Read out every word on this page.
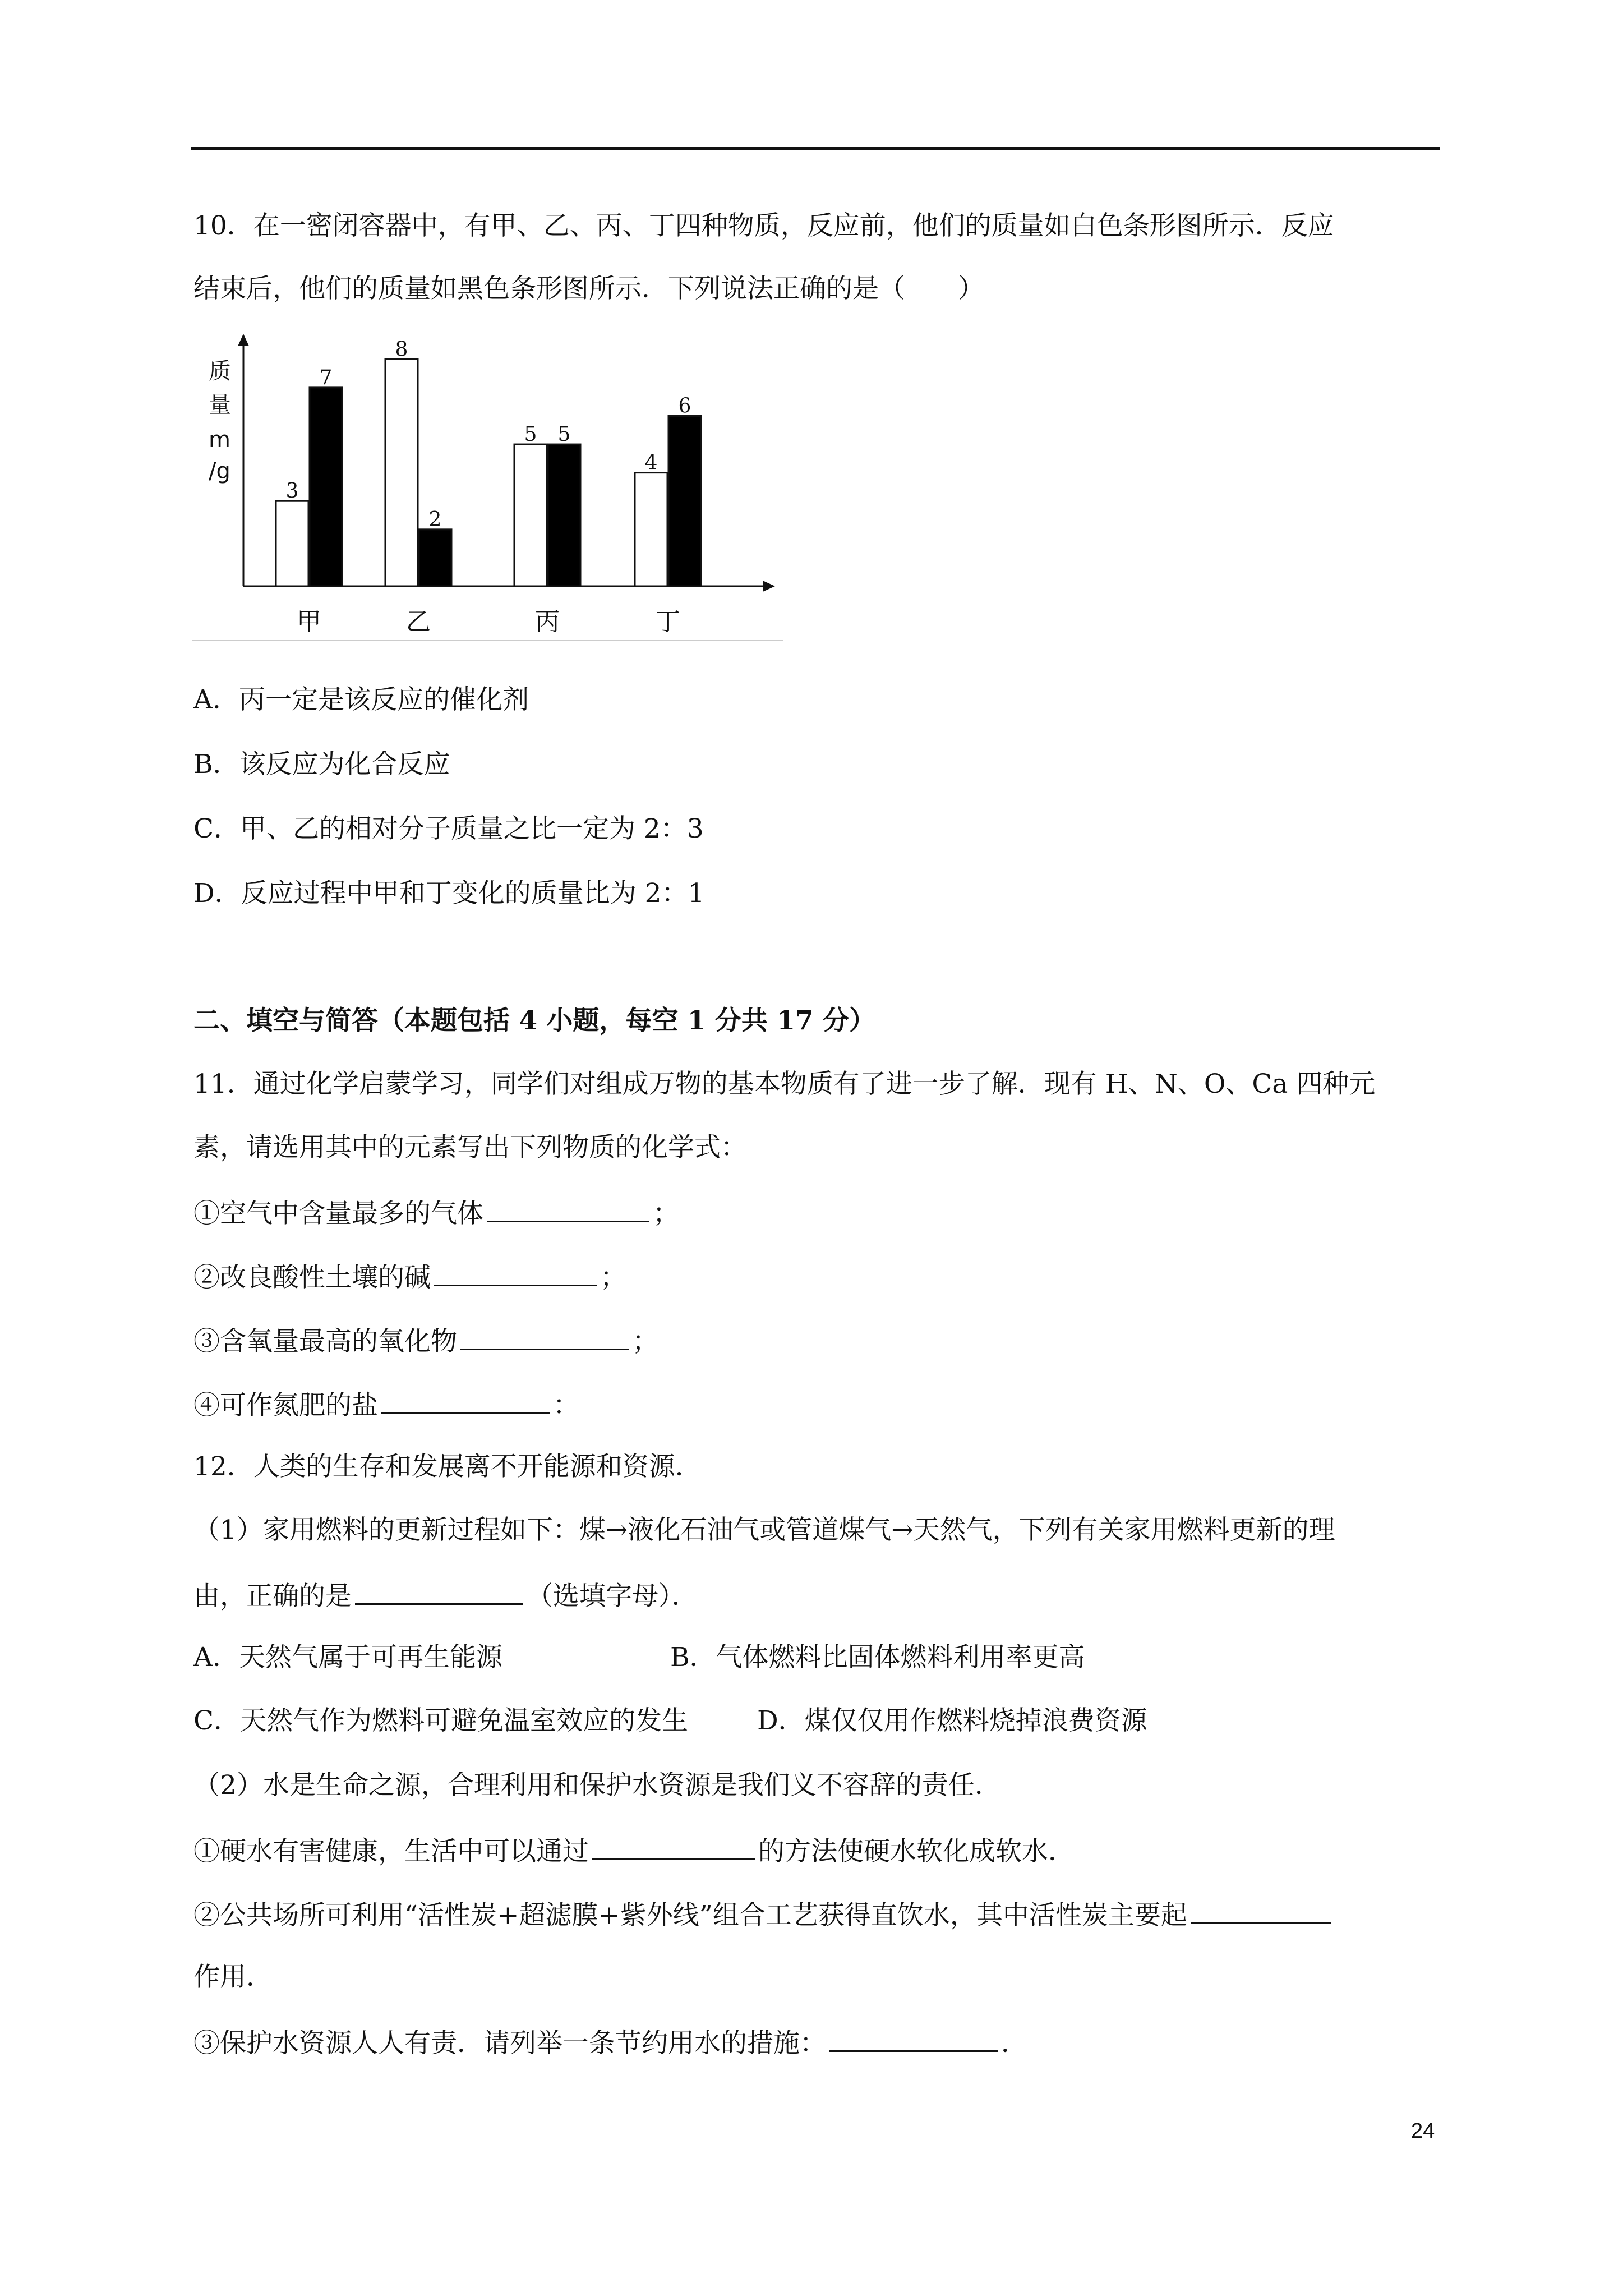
10．在一密闭容器中，有甲、乙、丙、丁四种物质，反应前，他们的质量如白色条形图所示．反应
结束后，他们的质量如黑色条形图所示．下列说法正确的是（　　）
质
量
m
/g
3
7
甲
8
2
乙
5 5
丙
4
6
丁
A．丙一定是该反应的催化剂
B．该反应为化合反应
C．甲、乙的相对分子质量之比一定为 2：3
D．反应过程中甲和丁变化的质量比为 2：1
二、填空与简答（本题包括 4 小题，每空 1 分共 17 分）
11．通过化学启蒙学习，同学们对组成万物的基本物质有了进一步了解．现有 H、N、O、Ca 四种元
素，请选用其中的元素写出下列物质的化学式：
①空气中含量最多的气体	；
②改良酸性土壤的碱	；
③含氧量最高的氧化物	；
④可作氮肥的盐	：
12．人类的生存和发展离不开能源和资源．
（1）家用燃料的更新过程如下：煤→液化石油气或管道煤气→天然气，下列有关家用燃料更新的理
由，正确的是	（选填字母）．
A．天然气属于可再生能源	B．气体燃料比固体燃料利用率更高
C．天然气作为燃料可避免温室效应的发生	D．煤仅仅用作燃料烧掉浪费资源
（2）水是生命之源，合理利用和保护水资源是我们义不容辞的责任．
①硬水有害健康，生活中可以通过	的方法使硬水软化成软水．
②公共场所可利用“活性炭+超滤膜+紫外线”组合工艺获得直饮水，其中活性炭主要起
作用．
③保护水资源人人有责．请列举一条节约用水的措施：	．
24
